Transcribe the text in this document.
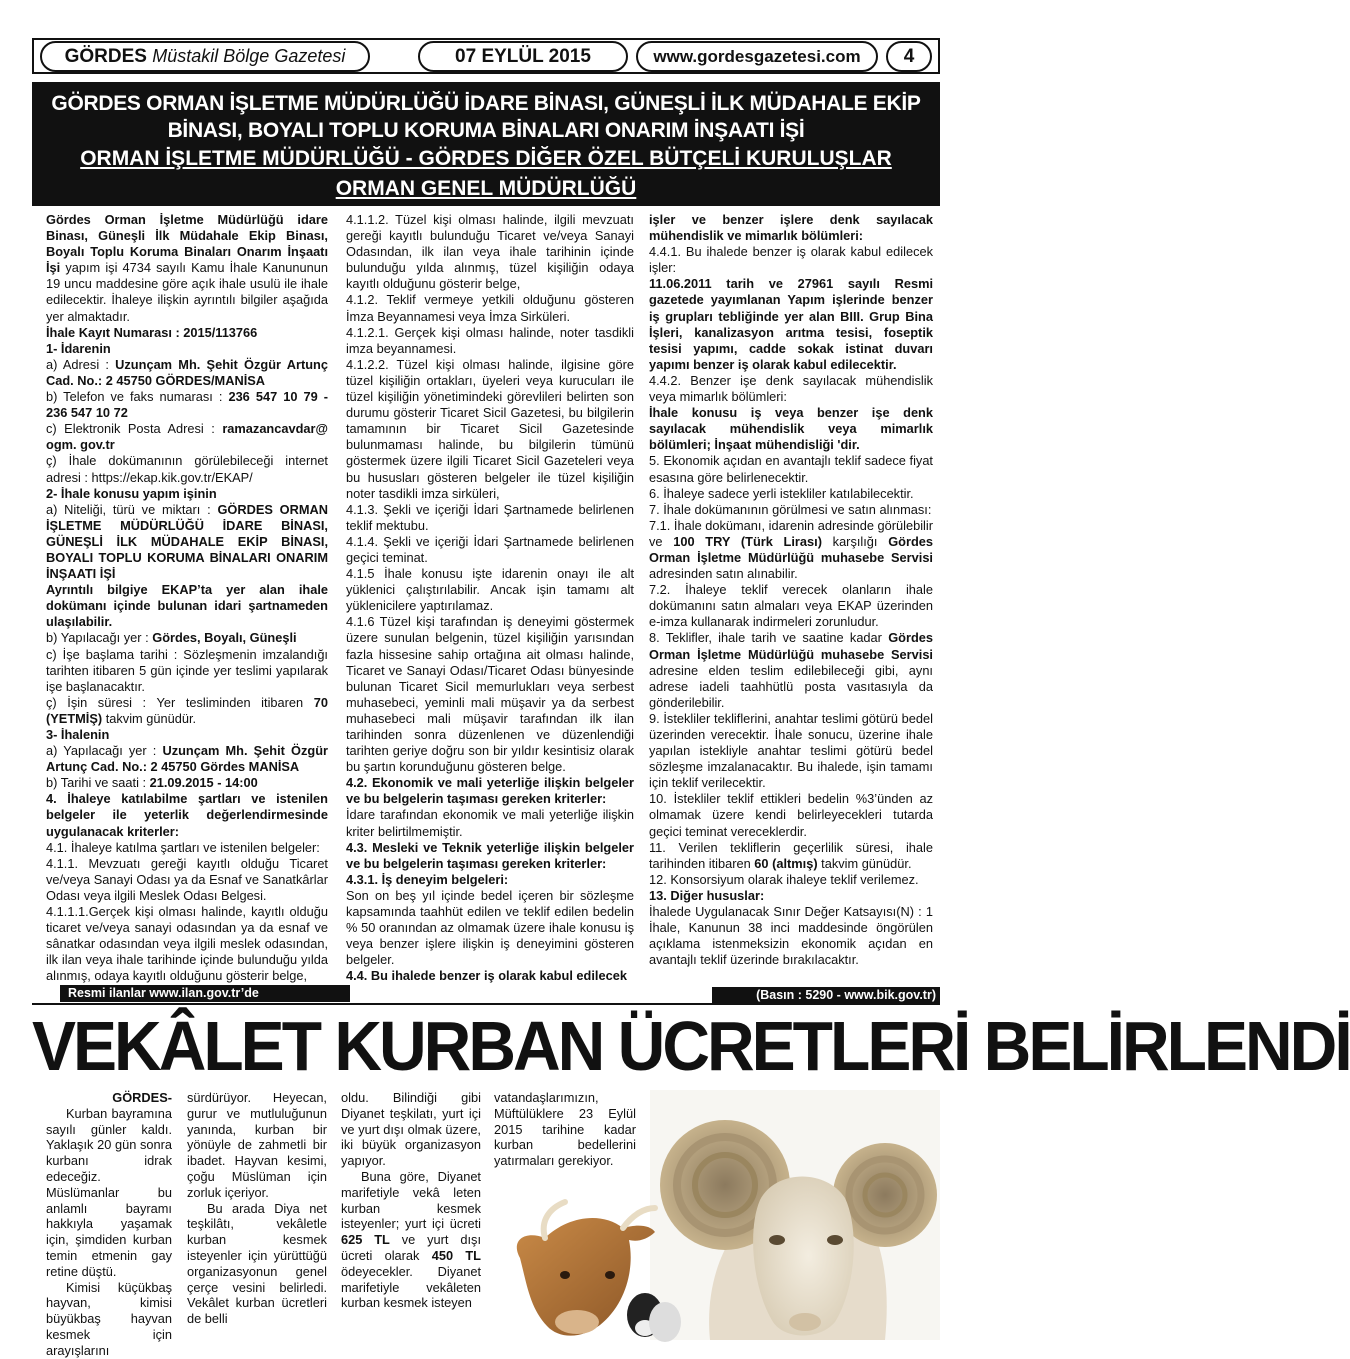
GÖRDES
Müstakil Bölge Gazetesi	07 EYLÜL 2015	www.gordesgazetesi.com	4
GÖRDES ORMAN İŞLETME MÜDÜRLÜĞÜ İDARE BİNASI, GÜNEŞLİ İLK MÜDAHALE EKİP
BİNASI, BOYALI TOPLU KORUMA BİNALARI ONARIM İNŞAATI İŞİ
ORMAN İŞLETME MÜDÜRLÜĞÜ - GÖRDES DİĞER ÖZEL BÜTÇELİ KURULUŞLAR
ORMAN GENEL MÜDÜRLÜĞÜ

Gördes Orman İşletme Müdürlüğü idare Binası, Güneşli İlk Müdahale Ekip Binası, Boyalı Toplu Koruma Binaları Onarım İnşaatı İşi yapım işi 4734 sayılı Kamu İhale Kanununun 19 uncu maddesine göre açık ihale usulü ile ihale edilecektir. İhaleye ilişkin ayrıntılı bilgiler aşağıda yer almaktadır.

İhale Kayıt Numarası : 2015/113766

1- İdarenin

a) Adresi : Uzunçam Mh. Şehit Özgür Artunç Cad. No.: 2 45750 GÖRDES/MANİSA

b) Telefon ve faks numarası : 236 547 10 79 - 236 547 10 72

c) Elektronik Posta Adresi : ramazancavdar@ ogm. gov.tr

ç) İhale dokümanının görülebileceği internet adresi : https://ekap.kik.gov.tr/EKAP/

2- İhale konusu yapım işinin

a) Niteliği, türü ve miktarı : GÖRDES ORMAN İŞLETME MÜDÜRLÜĞÜ İDARE BİNASI, GÜNEŞLİ İLK MÜDAHALE EKİP BİNASI, BOYALI TOPLU KORUMA BİNALARI ONARIM İNŞAATI İŞİ

Ayrıntılı bilgiye EKAP’ta yer alan ihale dokümanı içinde bulunan idari şartnameden ulaşılabilir.

b) Yapılacağı yer : Gördes, Boyalı, Güneşli

c) İşe başlama tarihi : Sözleşmenin imzalandığı tarihten itibaren 5 gün içinde yer teslimi yapılarak işe başlanacaktır.

ç) İşin süresi : Yer tesliminden itibaren 70 (YETMİŞ) takvim günüdür.

3- İhalenin

a) Yapılacağı yer : Uzunçam Mh. Şehit Özgür Artunç Cad. No.: 2 45750 Gördes MANİSA

b) Tarihi ve saati : 21.09.2015 - 14:00

4. İhaleye katılabilme şartları ve istenilen belgeler ile yeterlik değerlendirmesinde uygulanacak kriterler:

4.1. İhaleye katılma şartları ve istenilen belgeler:

4.1.1. Mevzuatı gereği kayıtlı olduğu Ticaret ve/veya Sanayi Odası ya da Esnaf ve Sanatkârlar Odası veya ilgili Meslek Odası Belgesi.

4.1.1.1.Gerçek kişi olması halinde, kayıtlı olduğu ticaret ve/veya sanayi odasından ya da esnaf ve sânatkar odasından veya ilgili meslek odasından, ilk ilan veya ihale tarihinde içinde bulunduğu yılda alınmış, odaya kayıtlı olduğunu gösterir belge,

4.1.1.2. Tüzel kişi olması halinde, ilgili mevzuatı gereği kayıtlı bulunduğu Ticaret ve/veya Sanayi Odasından, ilk ilan veya ihale tarihinin içinde bulunduğu yılda alınmış, tüzel kişiliğin odaya kayıtlı olduğunu gösterir belge,

4.1.2. Teklif vermeye yetkili olduğunu gösteren İmza Beyannamesi veya İmza Sirküleri.

4.1.2.1. Gerçek kişi olması halinde, noter tasdikli imza beyannamesi.

4.1.2.2. Tüzel kişi olması halinde, ilgisine göre tüzel kişiliğin ortakları, üyeleri veya kurucuları ile tüzel kişiliğin yönetimindeki görevlileri belirten son durumu gösterir Ticaret Sicil Gazetesi, bu bilgilerin tamamının bir Ticaret Sicil Gazetesinde bulunmaması halinde, bu bilgilerin tümünü göstermek üzere ilgili Ticaret Sicil Gazeteleri veya bu hususları gösteren belgeler ile tüzel kişiliğin noter tasdikli imza sirküleri,

4.1.3. Şekli ve içeriği İdari Şartnamede belirlenen teklif mektubu.

4.1.4. Şekli ve içeriği İdari Şartnamede belirlenen geçici teminat.

4.1.5 İhale konusu işte idarenin onayı ile alt yüklenici çalıştırılabilir. Ancak işin tamamı alt yüklenicilere yaptırılamaz.

4.1.6 Tüzel kişi tarafından iş deneyimi göstermek üzere sunulan belgenin, tüzel kişiliğin yarısından fazla hissesine sahip ortağına ait olması halinde, Ticaret ve Sanayi Odası/Ticaret Odası bünyesinde bulunan Ticaret Sicil memurlukları veya serbest muhasebeci, yeminli mali müşavir ya da serbest muhasebeci mali müşavir tarafından ilk ilan tarihinden sonra düzenlenen ve düzenlendiği tarihten geriye doğru son bir yıldır kesintisiz olarak bu şartın korunduğunu gösteren belge.

4.2. Ekonomik ve mali yeterliğe ilişkin belgeler ve bu belgelerin taşıması gereken kriterler:

İdare tarafından ekonomik ve mali yeterliğe ilişkin kriter belirtilmemiştir.

4.3. Mesleki ve Teknik yeterliğe ilişkin belgeler ve bu belgelerin taşıması gereken kriterler:

4.3.1. İş deneyim belgeleri:

Son on beş yıl içinde bedel içeren bir sözleşme kapsamında taahhüt edilen ve teklif edilen bedelin % 50 oranından az olmamak üzere ihale konusu iş veya benzer işlere ilişkin iş deneyimini gösteren belgeler.

4.4. Bu ihalede benzer iş olarak kabul edilecek

işler ve benzer işlere denk sayılacak mühendislik ve mimarlık bölümleri:

4.4.1. Bu ihalede benzer iş olarak kabul edilecek işler:

11.06.2011 tarih ve 27961 sayılı Resmi gazetede yayımlanan Yapım işlerinde benzer iş grupları tebliğinde yer alan BIII. Grup Bina İşleri, kanalizasyon arıtma tesisi, foseptik tesisi yapımı, cadde sokak istinat duvarı yapımı benzer iş olarak kabul edilecektir.

4.4.2. Benzer işe denk sayılacak mühendislik veya mimarlık bölümleri:

İhale konusu iş veya benzer işe denk sayılacak mühendislik veya mimarlık bölümleri; İnşaat mühendisliği 'dir.

5. Ekonomik açıdan en avantajlı teklif sadece fiyat esasına göre belirlenecektir.

6. İhaleye sadece yerli istekliler katılabilecektir.

7. İhale dokümanının görülmesi ve satın alınması:

7.1. İhale dokümanı, idarenin adresinde görülebilir ve 100 TRY (Türk Lirası) karşılığı Gördes Orman İşletme Müdürlüğü muhasebe Servisi adresinden satın alınabilir.

7.2. İhaleye teklif verecek olanların ihale dokümanını satın almaları veya EKAP üzerinden e-imza kullanarak indirmeleri zorunludur.

8. Teklifler, ihale tarih ve saatine kadar Gördes Orman İşletme Müdürlüğü muhasebe Servisi adresine elden teslim edilebileceği gibi, aynı adrese iadeli taahhütlü posta vasıtasıyla da gönderilebilir.

9. İstekliler tekliflerini, anahtar teslimi götürü bedel üzerinden verecektir. İhale sonucu, üzerine ihale yapılan istekliyle anahtar teslimi götürü bedel sözleşme imzalanacaktır. Bu ihalede, işin tamamı için teklif verilecektir.

10. İstekliler teklif ettikleri bedelin %3’ünden az olmamak üzere kendi belirleyecekleri tutarda geçici teminat vereceklerdir.

11. Verilen tekliflerin geçerlilik süresi, ihale tarihinden itibaren 60 (altmış) takvim günüdür.

12. Konsorsiyum olarak ihaleye teklif verilemez.

13. Diğer hususlar:

İhalede Uygulanacak Sınır Değer Katsayısı(N) : 1 İhale, Kanunun 38 inci maddesinde öngörülen açıklama istenmeksizin ekonomik açıdan en avantajlı teklif üzerinde bırakılacaktır.

Resmi ilanlar www.ilan.gov.tr’de	(Basın : 5290 - www.bik.gov.tr)
VEKÂLET KURBAN ÜCRETLERİ BELİRLENDİ

GÖRDES-

Kurban bayramına sayılı günler kaldı. Yaklaşık 20 gün sonra kurbanı idrak edeceğiz. Müslümanlar bu anlamlı bayramı hakkıyla yaşamak için, şimdiden kurban temin etmenin gay retine düştü.

Kimisi küçükbaş hayvan, kimisi büyükbaş hayvan kesmek için arayışlarını

sürdürüyor. Heyecan, gurur ve mutluluğunun yanında, kurban bir yönüyle de zahmetli bir ibadet. Hayvan kesimi, çoğu Müslüman için zorluk içeriyor.

Bu arada Diya net teşkilâtı, vekâletle kurban kesmek isteyenler için yürüttüğü organizasyonun genel çerçe vesini belirledi. Vekâlet kurban ücretleri de belli

oldu. Bilindiği gibi Diyanet teşkilatı, yurt içi ve yurt dışı olmak üzere, iki büyük organizasyon yapıyor.

Buna göre, Diyanet marifetiyle vekâ leten kurban kesmek isteyenler; yurt içi ücreti 625 TL ve yurt dışı ücreti olarak 450 TL ödeyecekler. Diyanet marifetiyle vekâleten kurban kesmek isteyen

vatandaşlarımızın, Müftülüklere 23 Eylül 2015 tarihine kadar kurban bedellerini yatırmaları gerekiyor.
